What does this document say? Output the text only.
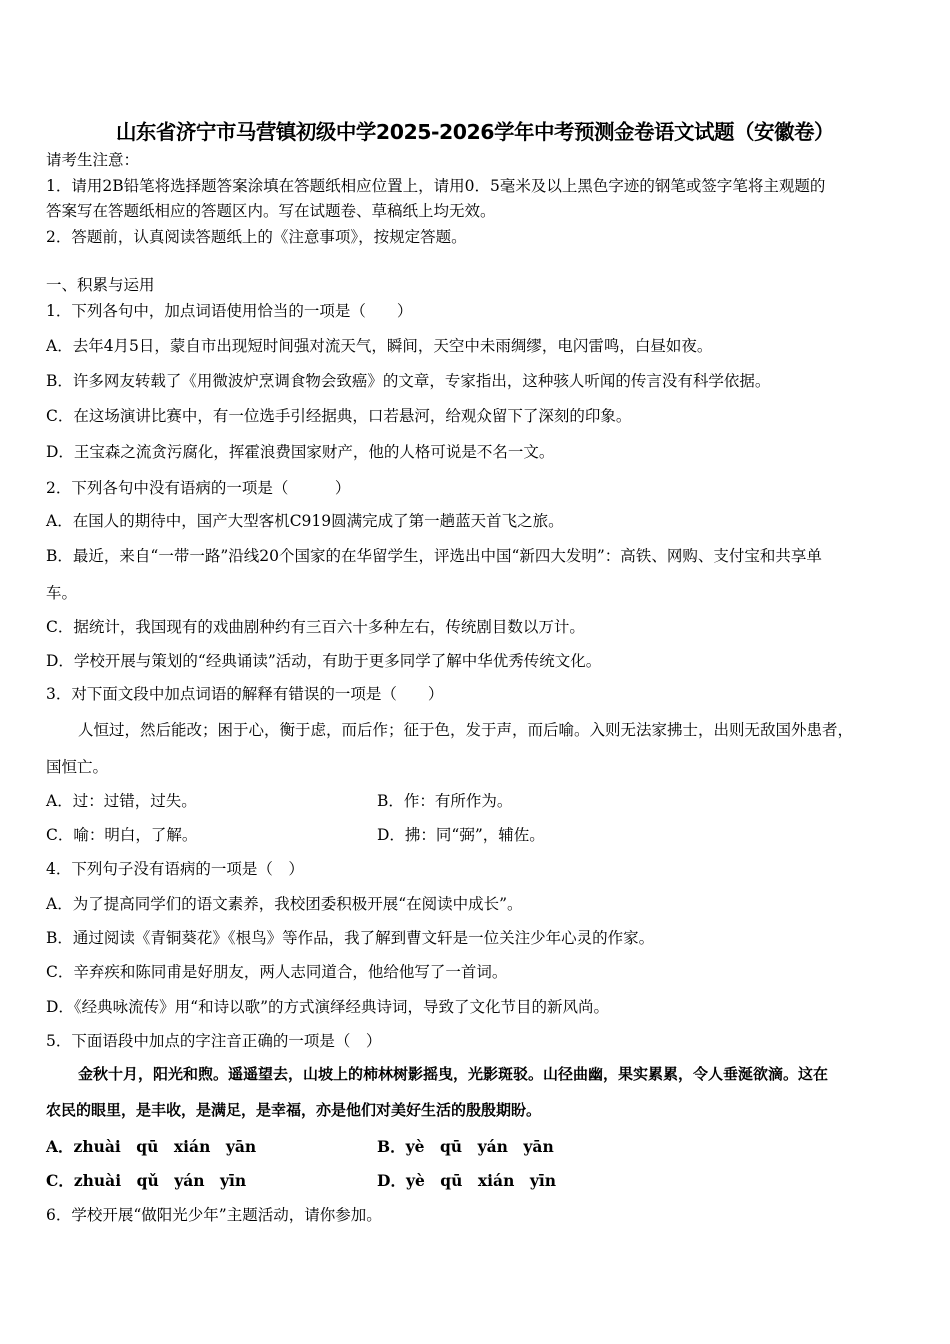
山东省济宁市马营镇初级中学2025-2026学年中考预测金卷语文试题（安徽卷）
请考生注意：
1．请用2B铅笔将选择题答案涂填在答题纸相应位置上，请用0．5毫米及以上黑色字迹的钢笔或签字笔将主观题的
答案写在答题纸相应的答题区内。写在试题卷、草稿纸上均无效。
2．答题前，认真阅读答题纸上的《注意事项》，按规定答题。
一、积累与运用
1．下列各句中，加点词语使用恰当的一项是（　　）
A．去年4月5日，蒙自市出现短时间强对流天气，瞬间，天空中未雨绸缪，电闪雷鸣，白昼如夜。
B．许多网友转载了《用微波炉烹调食物会致癌》的文章，专家指出，这种骇人听闻的传言没有科学依据。
C．在这场演讲比赛中，有一位选手引经据典，口若悬河，给观众留下了深刻的印象。
D．王宝森之流贪污腐化，挥霍浪费国家财产，他的人格可说是不名一文。
2．下列各句中没有语病的一项是（　　　）
A．在国人的期待中，国产大型客机C919圆满完成了第一趟蓝天首飞之旅。
B．最近，来自“一带一路”沿线20个国家的在华留学生，评选出中国“新四大发明”：高铁、网购、支付宝和共享单
车。
C．据统计，我国现有的戏曲剧种约有三百六十多种左右，传统剧目数以万计。
D．学校开展与策划的“经典诵读”活动，有助于更多同学了解中华优秀传统文化。
3．对下面文段中加点词语的解释有错误的一项是（　　）
人恒过，然后能改；困于心，衡于虑，而后作；征于色，发于声，而后喻。入则无法家拂士，出则无敌国外患者，
国恒亡。
A．过：过错，过失。	B．作：有所作为。
C．喻：明白，了解。	D．拂：同“弼”，辅佐。
4．下列句子没有语病的一项是（　）
A．为了提高同学们的语文素养，我校团委积极开展“在阅读中成长”。
B．通过阅读《青铜葵花》《根鸟》等作品，我了解到曹文轩是一位关注少年心灵的作家。
C．辛弃疾和陈同甫是好朋友，两人志同道合，他给他写了一首词。
D．《经典咏流传》用“和诗以歌”的方式演绎经典诗词，导致了文化节目的新风尚。
5．下面语段中加点的字注音正确的一项是（　）
金秋十月，阳光和煦。遥遥望去，山坡上的柿林树影摇曳，光影斑驳。山径曲幽，果实累累，令人垂涎欲滴。这在
农民的眼里，是丰收，是满足，是幸福，亦是他们对美好生活的殷殷期盼。
A．zhuài　qū　xián　yān	B．yè　qū　yán　yān
C．zhuài　qǔ　yán　yīn	D．yè　qū　xián　yīn
6．学校开展“做阳光少年”主题活动，请你参加。
